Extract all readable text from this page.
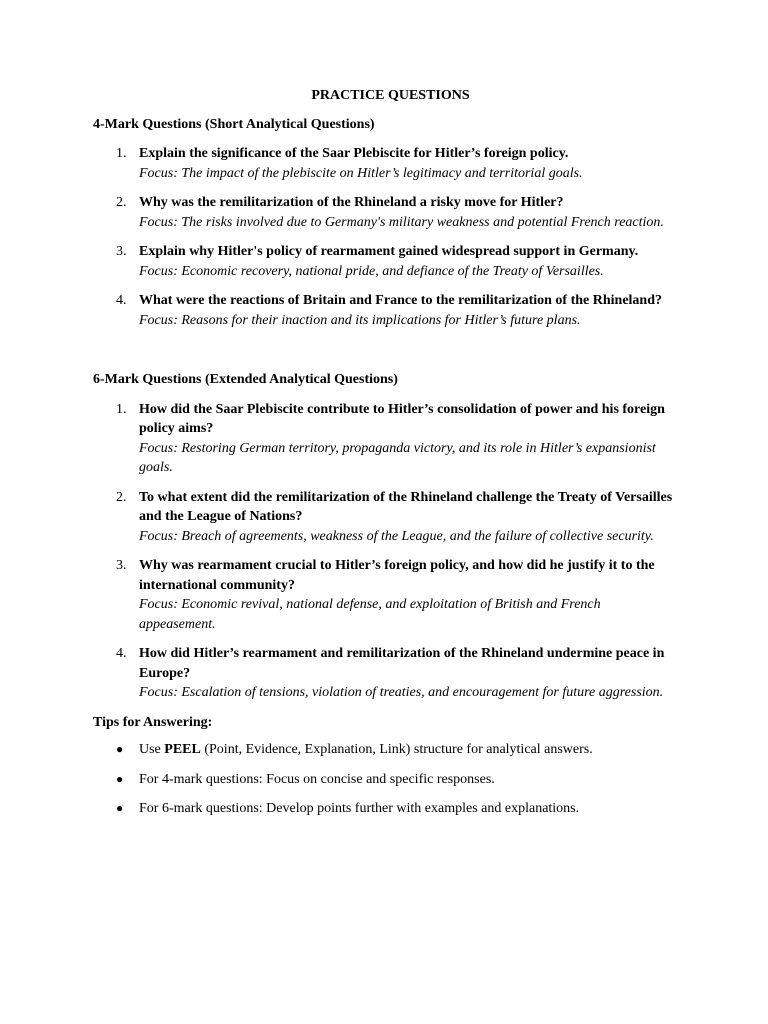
PRACTICE QUESTIONS
4-Mark Questions (Short Analytical Questions)
1. Explain the significance of the Saar Plebiscite for Hitler’s foreign policy.
Focus: The impact of the plebiscite on Hitler’s legitimacy and territorial goals.
2. Why was the remilitarization of the Rhineland a risky move for Hitler?
Focus: The risks involved due to Germany's military weakness and potential French reaction.
3. Explain why Hitler's policy of rearmament gained widespread support in Germany.
Focus: Economic recovery, national pride, and defiance of the Treaty of Versailles.
4. What were the reactions of Britain and France to the remilitarization of the Rhineland?
Focus: Reasons for their inaction and its implications for Hitler’s future plans.
6-Mark Questions (Extended Analytical Questions)
1. How did the Saar Plebiscite contribute to Hitler’s consolidation of power and his foreign policy aims?
Focus: Restoring German territory, propaganda victory, and its role in Hitler’s expansionist goals.
2. To what extent did the remilitarization of the Rhineland challenge the Treaty of Versailles and the League of Nations?
Focus: Breach of agreements, weakness of the League, and the failure of collective security.
3. Why was rearmament crucial to Hitler’s foreign policy, and how did he justify it to the international community?
Focus: Economic revival, national defense, and exploitation of British and French appeasement.
4. How did Hitler’s rearmament and remilitarization of the Rhineland undermine peace in Europe?
Focus: Escalation of tensions, violation of treaties, and encouragement for future aggression.
Tips for Answering:
● Use PEEL (Point, Evidence, Explanation, Link) structure for analytical answers.
● For 4-mark questions: Focus on concise and specific responses.
● For 6-mark questions: Develop points further with examples and explanations.
